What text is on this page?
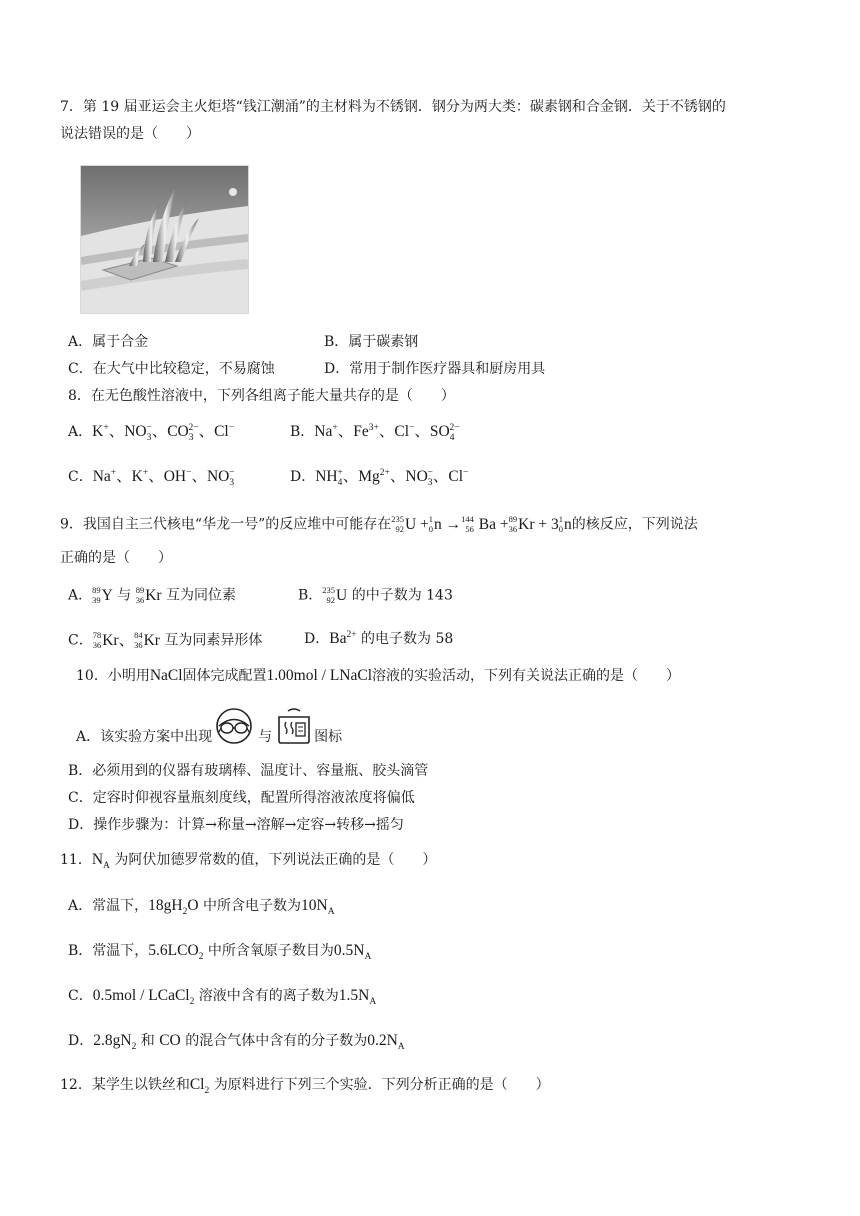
7．第 19 届亚运会主火炬塔“钱江潮涌”的主材料为不锈钢．钢分为两大类：碳素钢和合金钢．关于不锈钢的
说法错误的是（　　）
A．属于合金	B．属于碳素钢
C．在大气中比较稳定，不易腐蚀	D．常用于制作医疗器具和厨房用具
8．在无色酸性溶液中，下列各组离子能大量共存的是（　　）
A．K+、$NO_3^-$、$CO_3^{2-}$、Cl−	B．Na+、$Fe^{3+}$、Cl−、$SO_4^{2-}$
C．Na+、K+、OH−、$NO_3^-$	D．$NH_4^+$、$Mg^{2+}$、$NO_3^-$、Cl−
9．我国自主三代核电“华龙一号”的反应堆中可能存在 235
92 U + 1
0 n → 144
56 Ba + 89
36 Kr + 3 1
0 n的核反应，下列说法
正确的是（　　）
A． 89
39 Y 与 89
36 Kr 互为同位素	B． 235
92 U 的中子数为 143
C． 78
36 Kr、 84
36 Kr 互为同素异形体	D．$Ba^{2+}$ 的电子数为 58
10．小明用NaCl固体完成配置1.00mol / LNaCl溶液的实验活动，下列有关说法正确的是（　　）
A．该实验方案中出现	与	图标
B．必须用到的仪器有玻璃棒、温度计、容量瓶、胶头滴管
C．定容时仰视容量瓶刻度线，配置所得溶液浓度将偏低
D．操作步骤为：计算→称量→溶解→定容→转移→摇匀
11．$N_A$ 为阿伏加德罗常数的值，下列说法正确的是（　　）
A．常温下，$18gH_2O$ 中所含电子数为$10N_A$
B．常温下，$5.6LCO_2$ 中所含氧原子数目为$0.5N_A$
C．0.5mol / LCaCl$_2$ 溶液中含有的离子数为$1.5N_A$
D．$2.8gN_2$ 和 CO 的混合气体中含有的分子数为$0.2N_A$
12．某学生以铁丝和$Cl_2$ 为原料进行下列三个实验．下列分析正确的是（　　）
